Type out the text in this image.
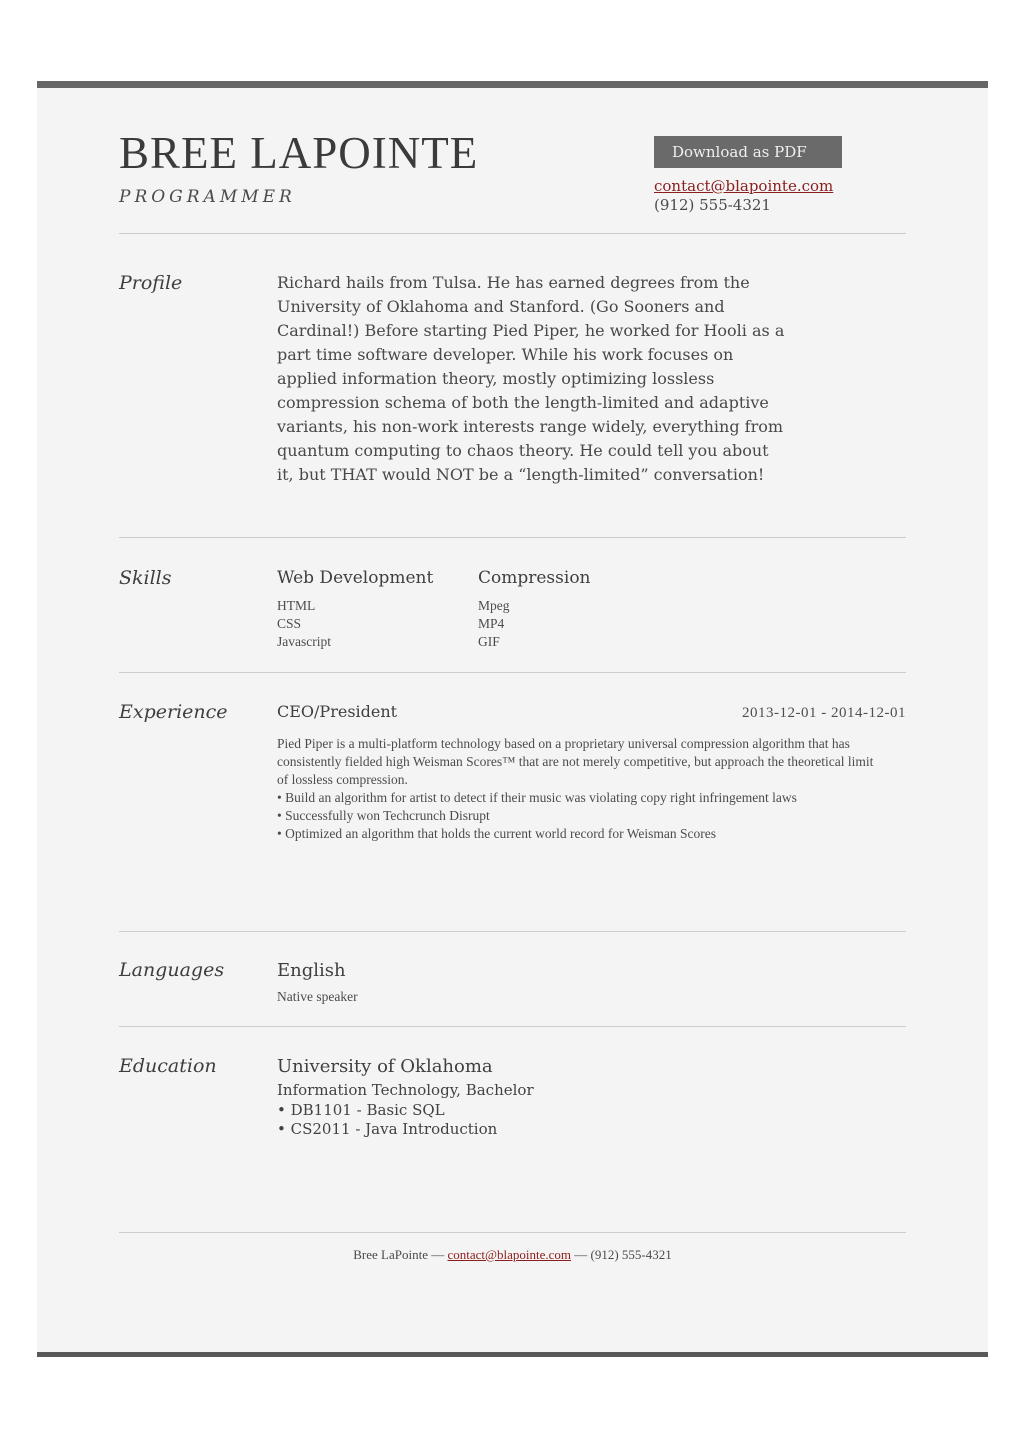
BREE LAPOINTE
PROGRAMMER
Download as PDF
contact@blapointe.com
(912) 555-4321
Profile	Richard hails from Tulsa. He has earned degrees from the University of Oklahoma and Stanford. (Go Sooners and Cardinal!) Before starting Pied Piper, he worked for Hooli as a part time software developer. While his work focuses on applied information theory, mostly optimizing lossless compression schema of both the length-limited and adaptive variants, his non-work interests range widely, everything from quantum computing to chaos theory. He could tell you about it, but THAT would NOT be a “length-limited” conversation!

Skills	Web Development
HTML
CSS
Javascript
Compression
Mpeg
MP4
GIF
Experience	CEO/President	2013-12-01 - 2014-12-01

Pied Piper is a multi-platform technology based on a proprietary universal compression algorithm that has consistently fielded high Weisman Scores™ that are not merely competitive, but approach the theoretical limit of lossless compression.

• Build an algorithm for artist to detect if their music was violating copy right infringement laws
• Successfully won Techcrunch Disrupt
• Optimized an algorithm that holds the current world record for Weisman Scores
Languages	English
Native speaker
Education	University of Oklahoma
Information Technology, Bachelor
• DB1101 - Basic SQL
• CS2011 - Java Introduction
Bree LaPointe — contact@blapointe.com — (912) 555-4321
